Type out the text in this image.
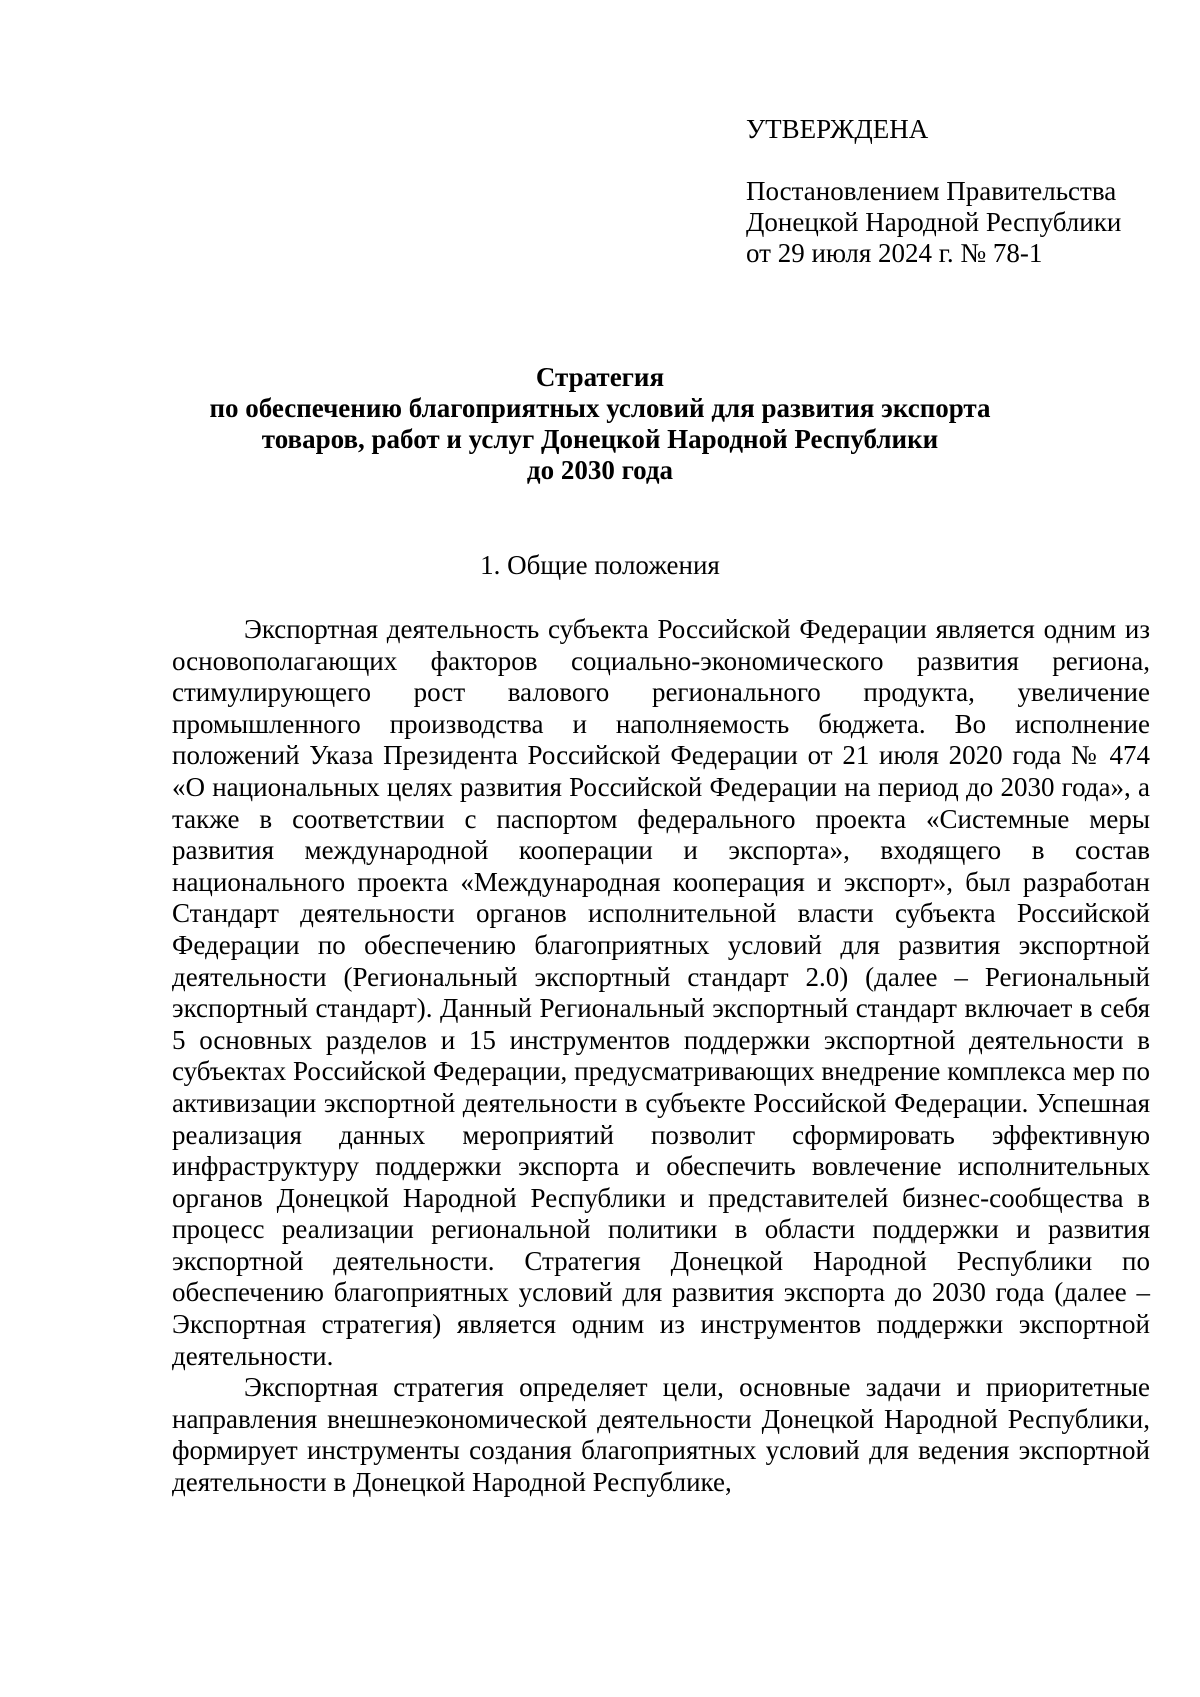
УТВЕРЖДЕНА
Постановлением Правительства
Донецкой Народной Республики
от 29 июля 2024 г. № 78-1
Стратегия
по обеспечению благоприятных условий для развития экспорта
товаров, работ и услуг Донецкой Народной Республики
до 2030 года
1. Общие положения

Экспортная деятельность субъекта Российской Федерации является одним из основополагающих факторов социально-экономического развития региона, стимулирующего рост валового регионального продукта, увеличение промышленного производства и наполняемость бюджета. Во исполнение положений Указа Президента Российской Федерации от 21 июля 2020 года № 474 «О национальных целях развития Российской Федерации на период до 2030 года», а также в соответствии с паспортом федерального проекта «Системные меры развития международной кооперации и экспорта», входящего в состав национального проекта «Международная кооперация и экспорт», был разработан Стандарт деятельности органов исполнительной власти субъекта Российской Федерации по обеспечению благоприятных условий для развития экспортной деятельности (Региональный экспортный стандарт 2.0) (далее – Региональный экспортный стандарт). Данный Региональный экспортный стандарт включает в себя 5 основных разделов и 15 инструментов поддержки экспортной деятельности в субъектах Российской Федерации, предусматривающих внедрение комплекса мер по активизации экспортной деятельности в субъекте Российской Федерации. Успешная реализация данных мероприятий позволит сформировать эффективную инфраструктуру поддержки экспорта и обеспечить вовлечение исполнительных органов Донецкой Народной Республики и представителей бизнес-сообщества в процесс реализации региональной политики в области поддержки и развития экспортной деятельности. Стратегия Донецкой Народной Республики по обеспечению благоприятных условий для развития экспорта до 2030 года (далее – Экспортная стратегия) является одним из инструментов поддержки экспортной деятельности.

Экспортная стратегия определяет цели, основные задачи и приоритетные направления внешнеэкономической деятельности Донецкой Народной Республики, формирует инструменты создания благоприятных условий для ведения экспортной деятельности в Донецкой Народной Республике,
